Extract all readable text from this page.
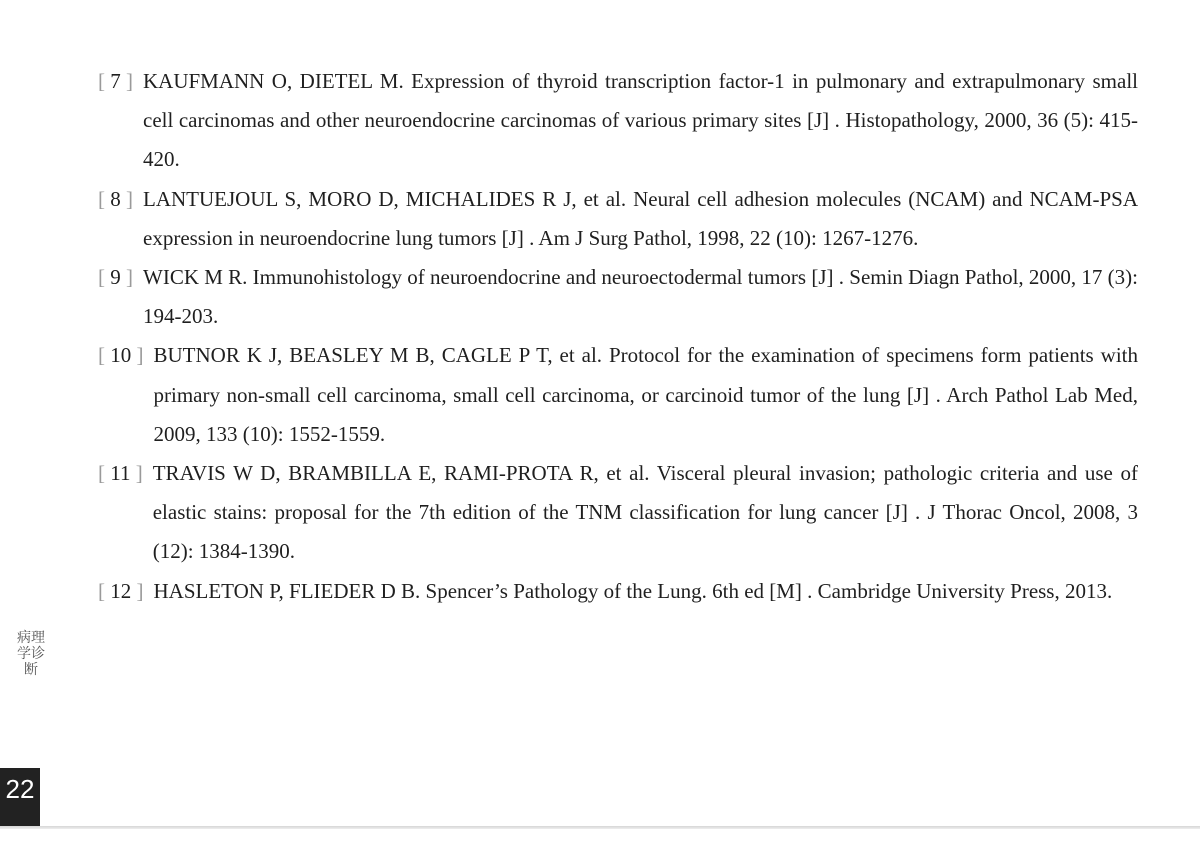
[ 7 ] KAUFMANN O, DIETEL M. Expression of thyroid transcription factor-1 in pulmonary and extrapulmonary small cell carcinomas and other neuroendocrine carcinomas of various primary sites [J] . Histopathology, 2000, 36 (5): 415-420.
[ 8 ] LANTUEJOUL S, MORO D, MICHALIDES R J, et al. Neural cell adhesion molecules (NCAM) and NCAM-PSA expression in neuroendocrine lung tumors [J] . Am J Surg Pathol, 1998, 22 (10): 1267-1276.
[ 9 ] WICK M R. Immunohistology of neuroendocrine and neuroectodermal tumors [J] . Semin Diagn Pathol, 2000, 17 (3): 194-203.
[ 10 ] BUTNOR K J, BEASLEY M B, CAGLE P T, et al. Protocol for the examination of specimens form patients with primary non-small cell carcinoma, small cell carcinoma, or carcinoid tumor of the lung [J] . Arch Pathol Lab Med, 2009, 133 (10): 1552-1559.
[ 11 ] TRAVIS W D, BRAMBILLA E, RAMI-PROTA R, et al. Visceral pleural invasion; pathologic criteria and use of elastic stains: proposal for the 7th edition of the TNM classification for lung cancer [J] . J Thorac Oncol, 2008, 3 (12): 1384-1390.
[ 12 ] HASLETON P, FLIEDER D B. Spencer’s Pathology of the Lung. 6th ed [M] . Cambridge University Press, 2013.
病理学诊断
22
